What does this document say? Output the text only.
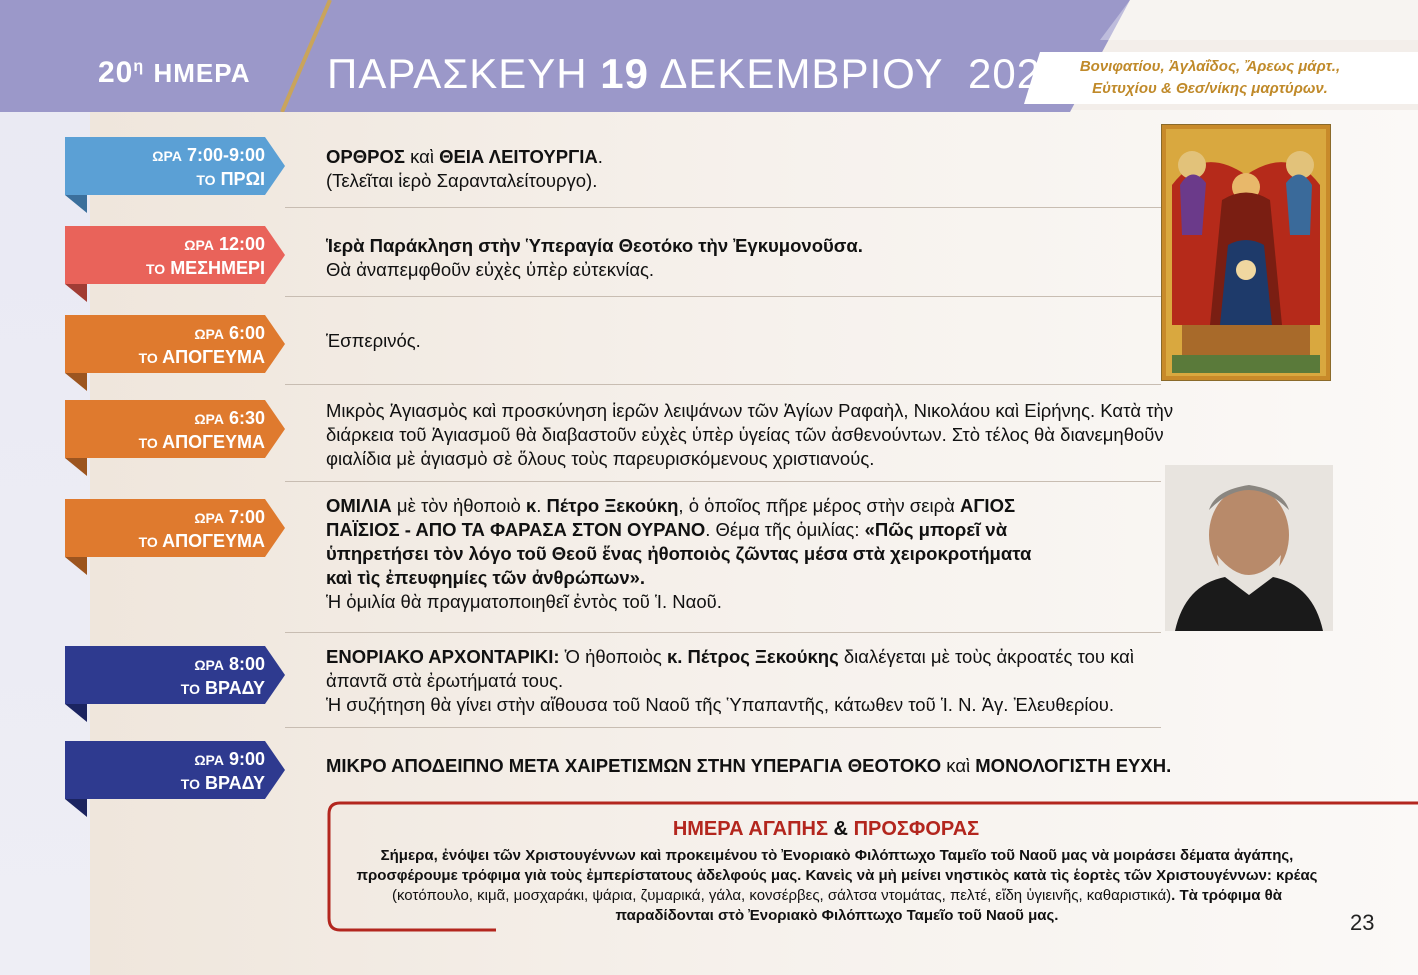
$20^\eta$ ΗΜΕΡΑ ΠΑΡΑΣΚΕΥΗ 19 ΔΕΚΕΜΒΡΙΟΥ  2025 Βονιφατίου, Ἀγλαΐδος, Ἄρεως μάρτ.,
Εὐτυχίου & Θεσ/νίκης μαρτύρων.
ΩΡΑ 7:00-9:00
ΤΟ ΠΡΩΙ
ΟΡΘΡΟΣ καὶ ΘΕΙΑ ΛΕΙΤΟΥΡΓΙΑ.
(Τελεῖται ἱερὸ Σαρανταλείτουργο).
ΩΡΑ 12:00
ΤΟ ΜΕΣΗΜΕΡΙ
Ἱερὰ Παράκληση στὴν Ὑπεραγία Θεοτόκο τὴν Ἐγκυμονοῦσα.
Θὰ ἀναπεμφθοῦν εὐχὲς ὑπὲρ εὐτεκνίας.
ΩΡΑ 6:00
ΤΟ ΑΠΟΓΕΥΜΑ
Ἑσπερινός.
ΩΡΑ 6:30
ΤΟ ΑΠΟΓΕΥΜΑ
Μικρὸς Ἁγιασμὸς καὶ προσκύνηση ἱερῶν λειψάνων τῶν Ἁγίων Ραφαὴλ, Νικολάου καὶ Εἰρήνης. Κατὰ τὴν
διάρκεια τοῦ Ἁγιασμοῦ θὰ διαβαστοῦν εὐχὲς ὑπὲρ ὑγείας τῶν ἀσθενούντων. Στὸ τέλος θὰ διανεμηθοῦν
φιαλίδια μὲ ἁγιασμὸ σὲ ὅλους τοὺς παρευρισκόμενους χριστιανούς.
ΩΡΑ 7:00
ΤΟ ΑΠΟΓΕΥΜΑ
ΟΜΙΛΙΑ μὲ τὸν ἠθοποιὸ κ. Πέτρο Ξεκούκη, ὁ ὁποῖος πῆρε μέρος στὴν σειρὰ ΑΓΙΟΣ
ΠΑΪΣΙΟΣ - ΑΠΟ ΤΑ ΦΑΡΑΣΑ ΣΤΟΝ ΟΥΡΑΝΟ. Θέμα τῆς ὁμιλίας: «Πῶς μπορεῖ νὰ
ὑπηρετήσει τὸν λόγο τοῦ Θεοῦ ἕνας ἠθοποιὸς ζῶντας μέσα στὰ χειροκροτήματα
καὶ τὶς ἐπευφημίες τῶν ἀνθρώπων».
Ἡ ὁμιλία θὰ πραγματοποιηθεῖ ἐντὸς τοῦ Ἱ. Ναοῦ.
ΩΡΑ 8:00
ΤΟ ΒΡΑΔΥ
ΕΝΟΡΙΑΚΟ ΑΡΧΟΝΤΑΡΙΚΙ: Ὁ ἠθοποιὸς κ. Πέτρος Ξεκούκης διαλέγεται μὲ τοὺς ἀκροατές του καὶ
ἀπαντᾶ στὰ ἐρωτήματά τους.
Ἡ συζήτηση θὰ γίνει στὴν αἴθουσα τοῦ Ναοῦ τῆς Ὑπαπαντῆς, κάτωθεν τοῦ Ἱ. Ν. Ἁγ. Ἐλευθερίου.
ΩΡΑ 9:00
ΤΟ ΒΡΑΔΥ
ΜΙΚΡΟ ΑΠΟΔΕΙΠΝΟ ΜΕΤΑ ΧΑΙΡΕΤΙΣΜΩΝ ΣΤΗΝ ΥΠΕΡΑΓΙΑ ΘΕΟΤΟΚΟ καὶ ΜΟΝΟΛΟΓΙΣΤΗ ΕΥΧΗ.
ΗΜΕΡΑ ΑΓΑΠΗΣ & ΠΡΟΣΦΟΡΑΣ
Σήμερα, ἐνόψει τῶν Χριστουγέννων καὶ προκειμένου τὸ Ἐνοριακὸ Φιλόπτωχο Ταμεῖο τοῦ Ναοῦ μας νὰ μοιράσει δέματα ἀγάπης, προσφέρουμε τρόφιμα γιὰ τοὺς ἐμπερίστατους ἀδελφούς μας. Κανεὶς νὰ μὴ μείνει νηστικὸς κατὰ τὶς ἑορτὲς τῶν Χριστουγέννων: κρέας (κοτόπουλο, κιμᾶ, μοσχαράκι, ψάρια, ζυμαρικά, γάλα, κονσέρβες, σάλτσα ντομάτας, πελτέ, εἴδη ὑγιεινῆς, καθαριστικά). Τὰ τρόφιμα θὰ παραδίδονται στὸ Ἐνοριακὸ Φιλόπτωχο Ταμεῖο τοῦ Ναοῦ μας.	23
